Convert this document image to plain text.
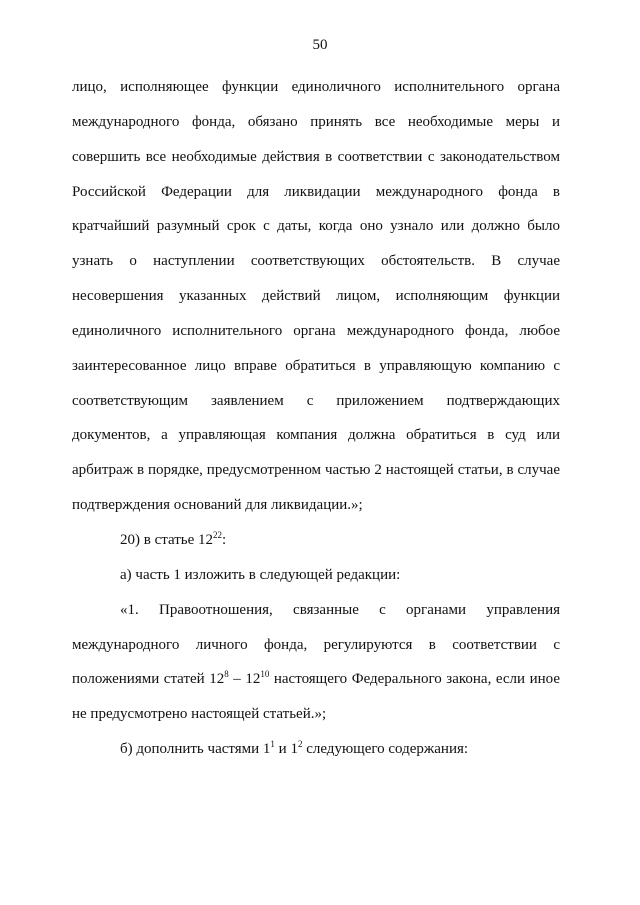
50

лицо, исполняющее функции единоличного исполнительного органа международного фонда, обязано принять все необходимые меры и совершить все необходимые действия в соответствии с законодательством Российской Федерации для ликвидации международного фонда в кратчайший разумный срок с даты, когда оно узнало или должно было узнать о наступлении соответствующих обстоятельств. В случае несовершения указанных действий лицом, исполняющим функции единоличного исполнительного органа международного фонда, любое заинтересованное лицо вправе обратиться в управляющую компанию с соответствующим заявлением с приложением подтверждающих документов, а управляющая компания должна обратиться в суд или арбитраж в порядке, предусмотренном частью 2 настоящей статьи, в случае подтверждения оснований для ликвидации.»;

20) в статье $12^{22}$:

а) часть 1 изложить в следующей редакции:

«1. Правоотношения, связанные с органами управления международного личного фонда, регулируются в соответствии с положениями статей $12^8 - 12^{10}$ настоящего Федерального закона, если иное не предусмотрено настоящей статьей.»;

б) дополнить частями $1^1$ и $1^2$ следующего содержания:
